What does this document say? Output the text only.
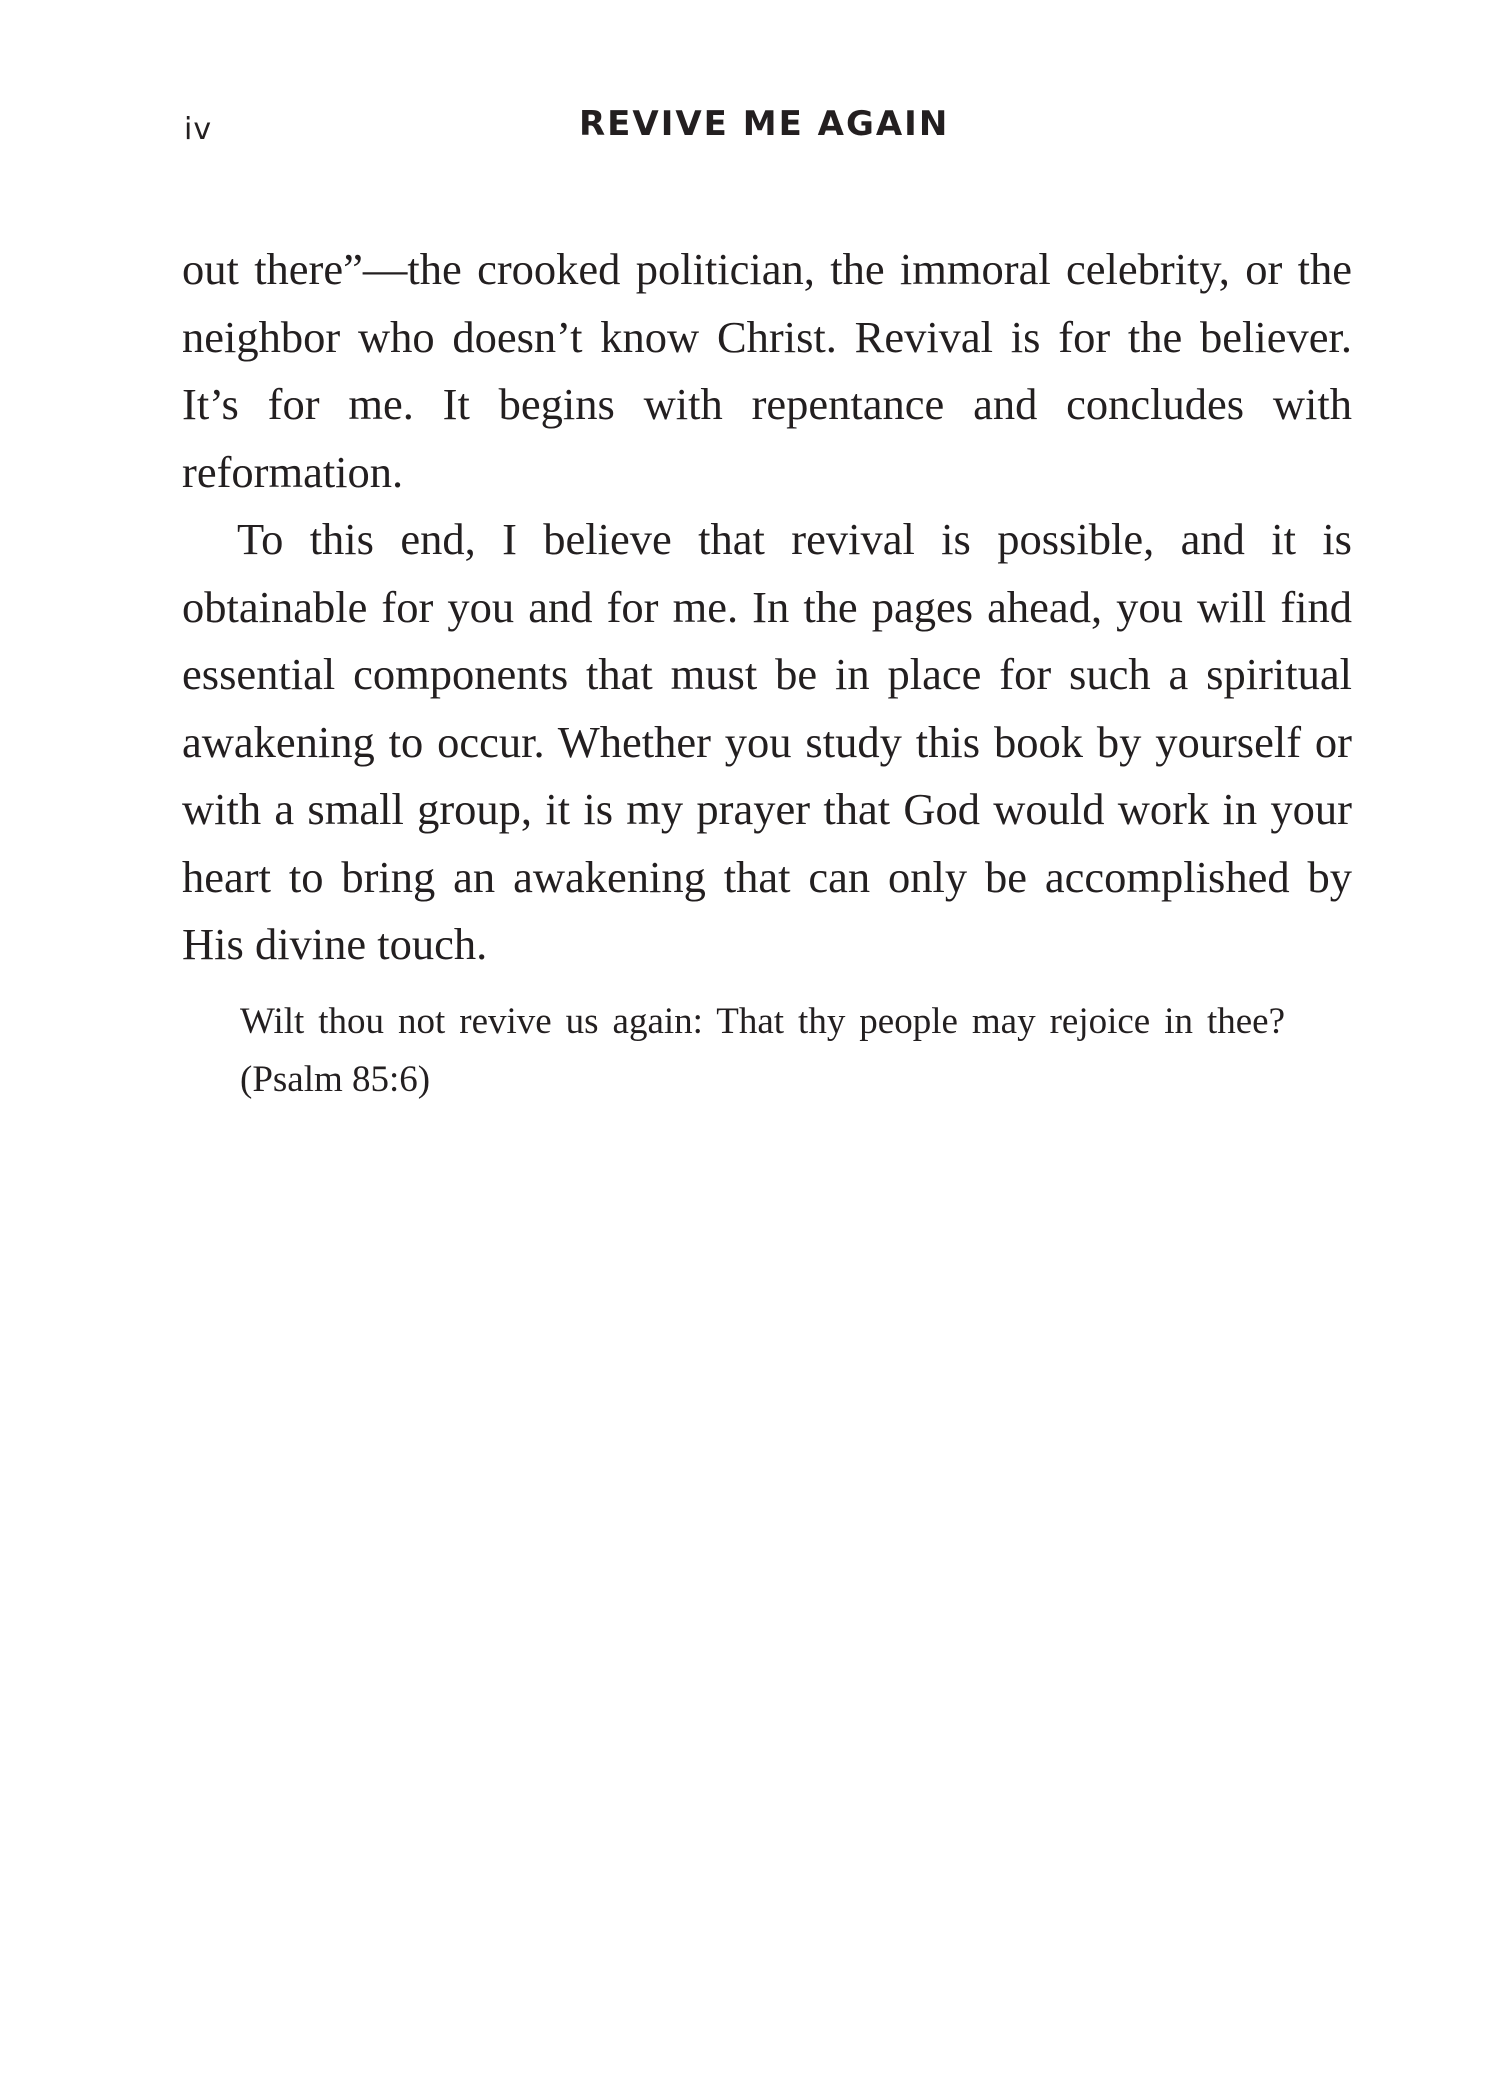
iv	REVIVE ME AGAIN

out there”—the crooked politician, the immoral celebrity, or the neighbor who doesn’t know Christ. Revival is for the believer. It’s for me. It begins with repentance and concludes with reformation.

To this end, I believe that revival is possible, and it is obtainable for you and for me. In the pages ahead, you will find essential components that must be in place for such a spiritual awakening to occur. Whether you study this book by yourself or with a small group, it is my prayer that God would work in your heart to bring an awakening that can only be accomplished by His divine touch.

Wilt thou not revive us again: That thy people may rejoice in thee? (Psalm 85:6)
